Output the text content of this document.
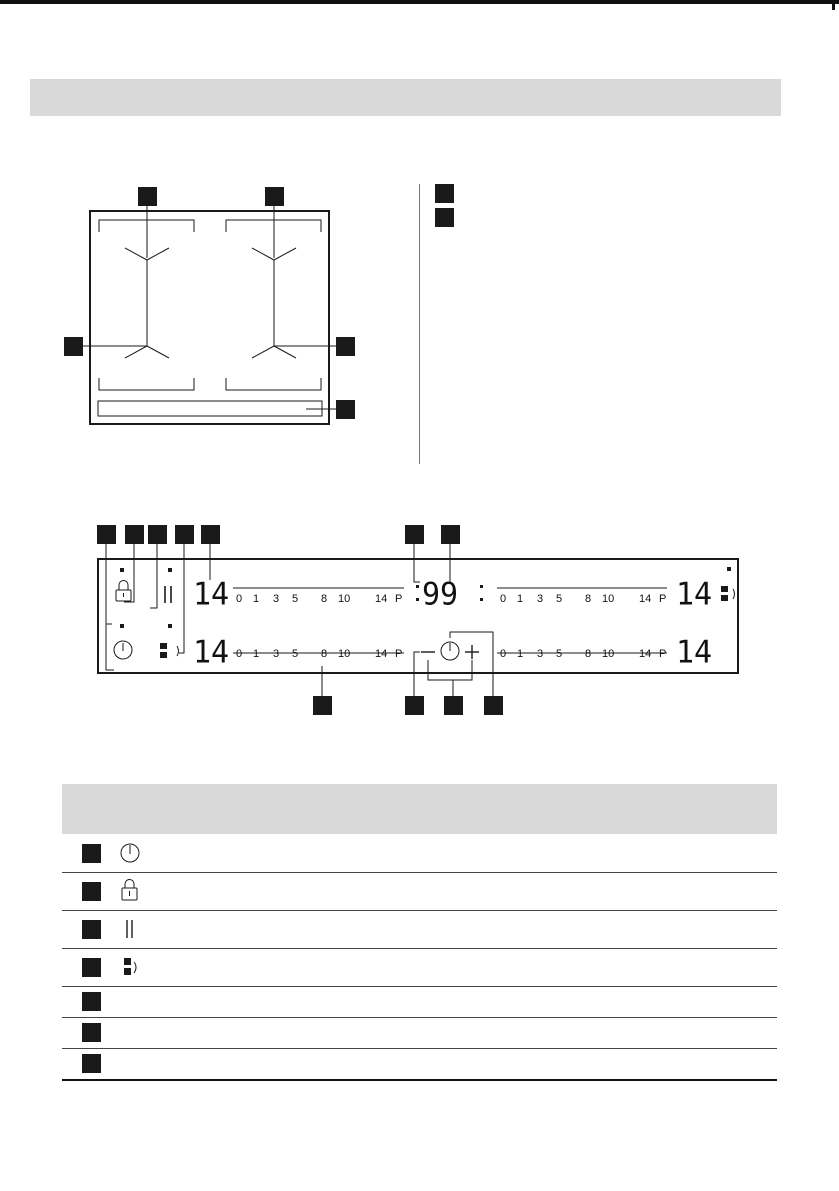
14
14
14
14
99
0 1 3 5 8 10 14 P	0 1 3 5 8 10 14 P
0 1 3 5 8 10 14 P	0 1 3 5 8 10 14 P
